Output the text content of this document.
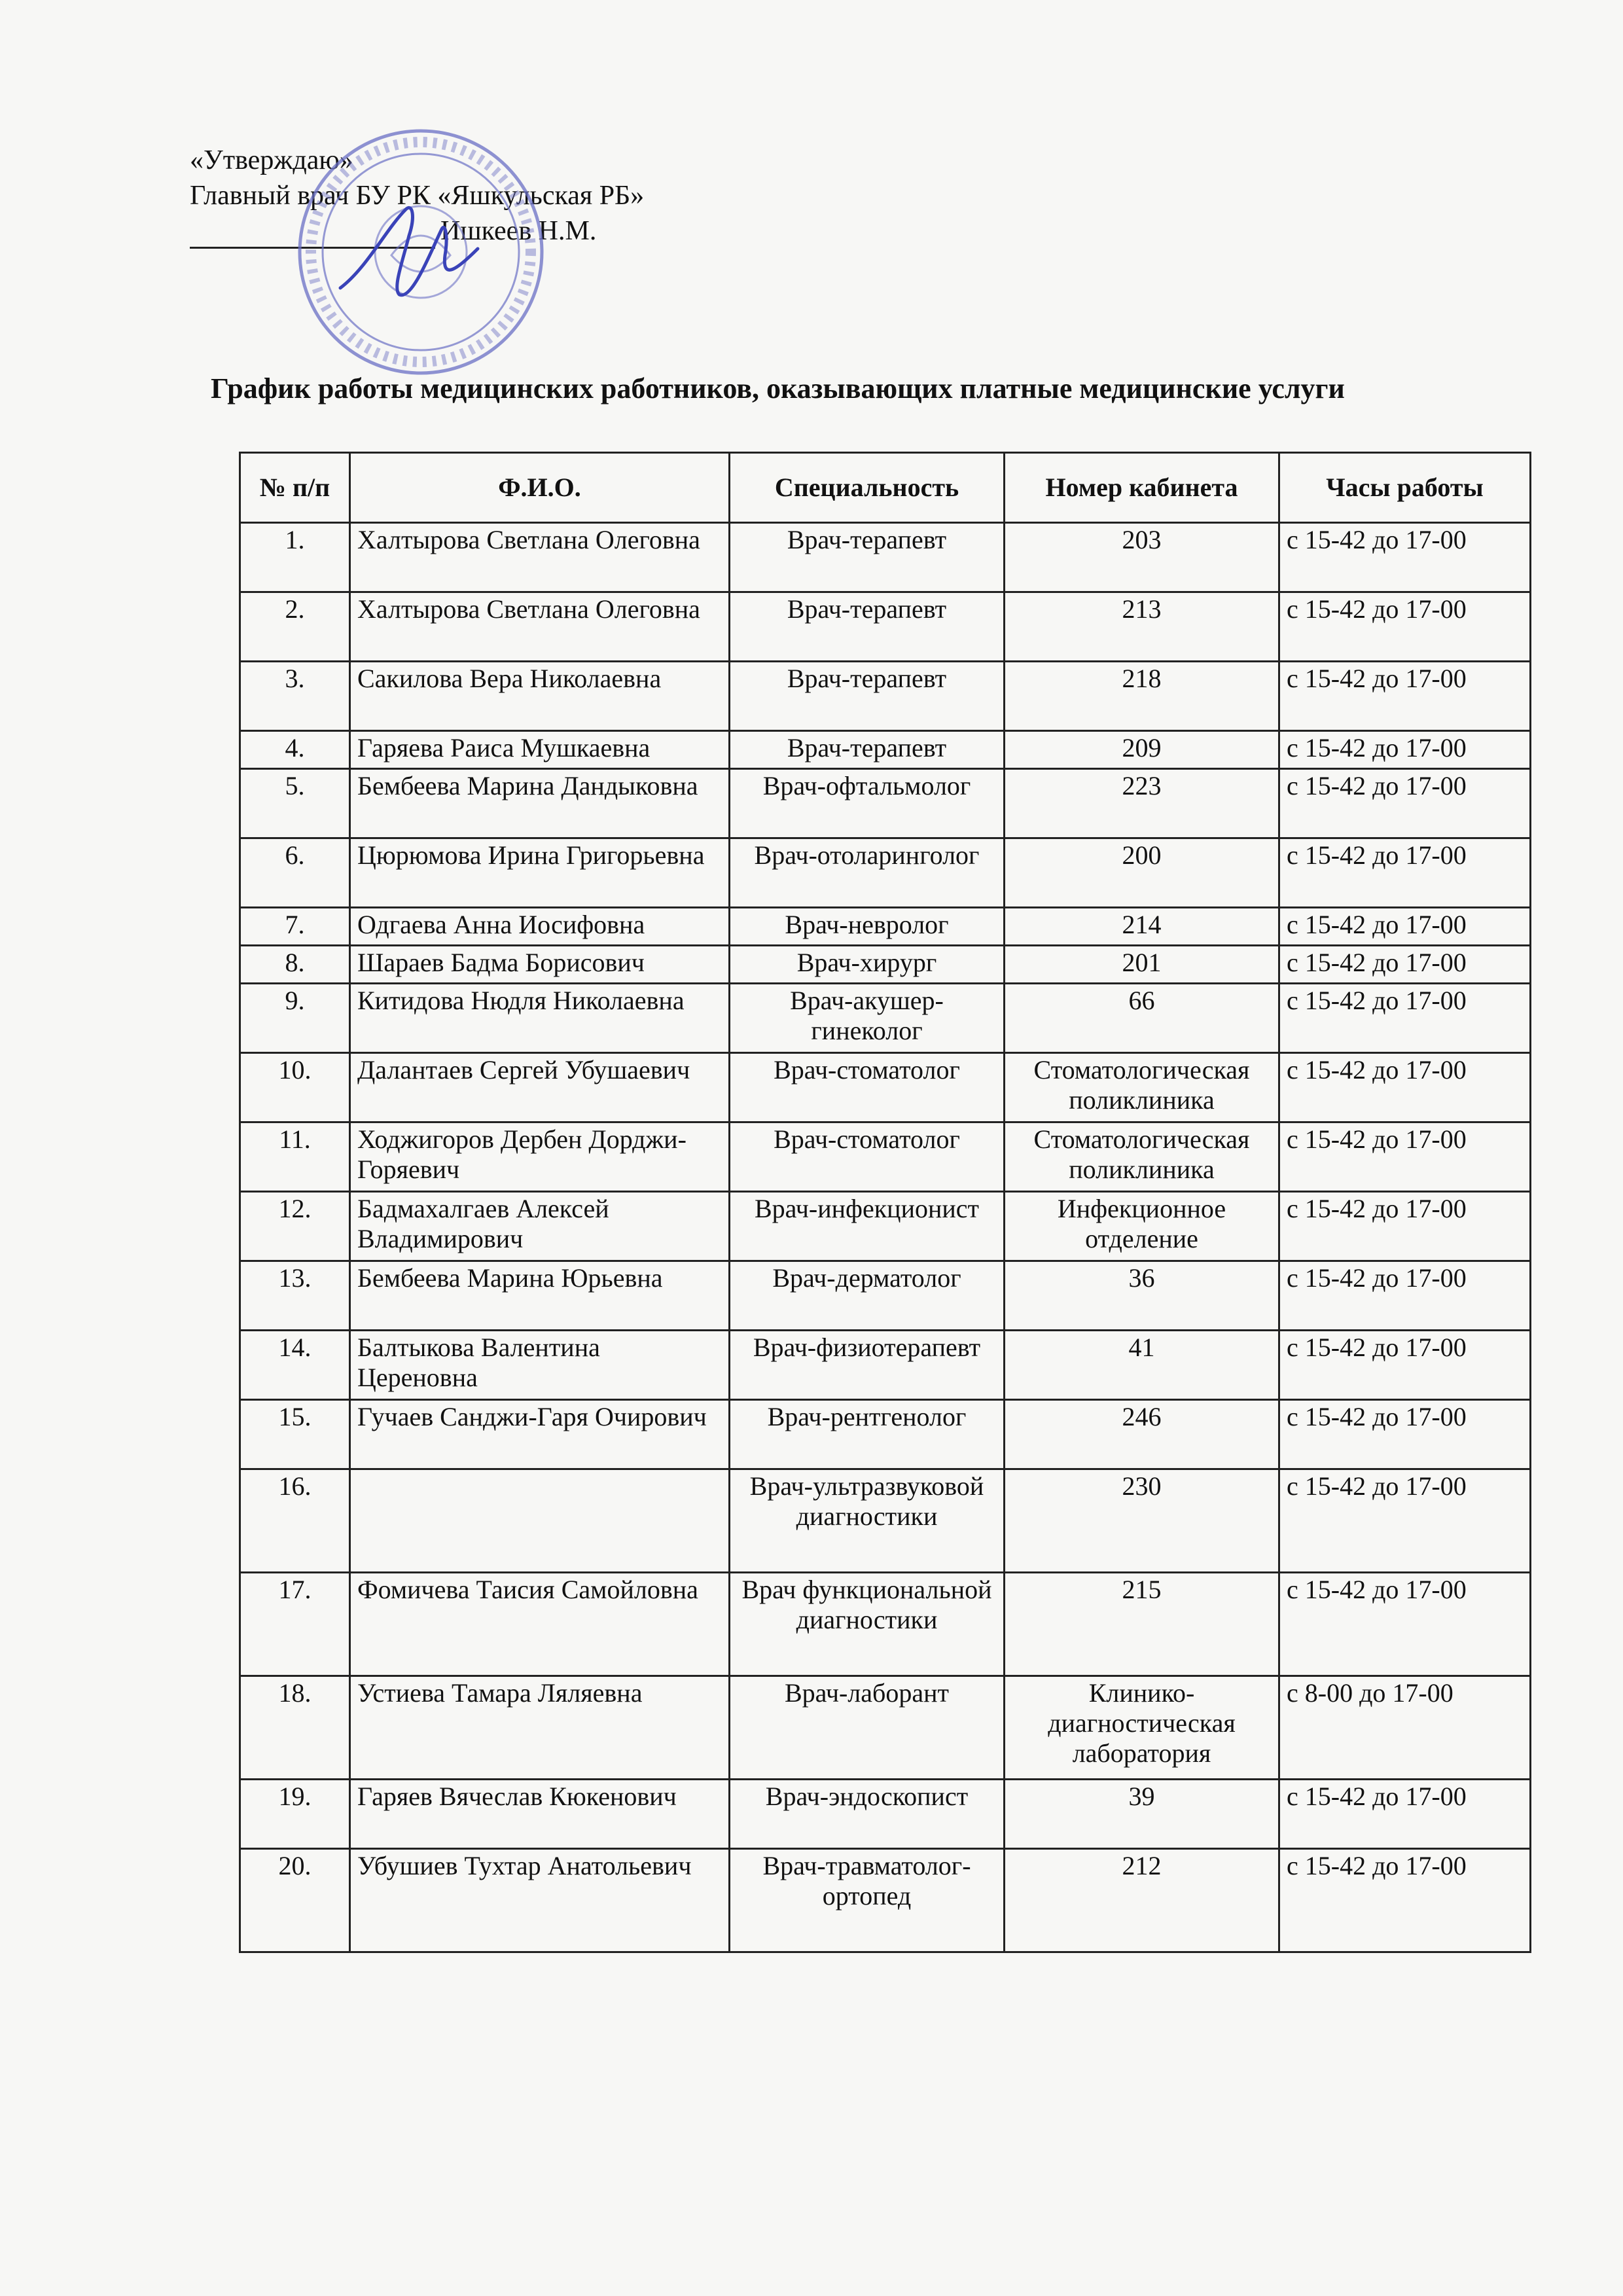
«Утверждаю»
Главный врач БУ РК «Яшкульская РБ»
Ишкеев Н.М.
График работы медицинских работников, оказывающих платные медицинские услуги
№ п/п	Ф.И.О.	Специальность	Номер кабинета	Часы работы
1.	Халтырова Светлана Олеговна	Врач-терапевт	203	с 15-42 до 17-00
2.	Халтырова Светлана Олеговна	Врач-терапевт	213	с 15-42 до 17-00
3.	Сакилова Вера Николаевна	Врач-терапевт	218	с 15-42 до 17-00
4.	Гаряева Раиса Мушкаевна	Врач-терапевт	209	с 15-42 до 17-00
5.	Бембеева Марина Дандыковна	Врач-офтальмолог	223	с 15-42 до 17-00
6.	Цюрюмова Ирина Григорьевна	Врач-отоларинголог	200	с 15-42 до 17-00
7.	Одгаева Анна Иосифовна	Врач-невролог	214	с 15-42 до 17-00
8.	Шараев Бадма Борисович	Врач-хирург	201	с 15-42 до 17-00
9.	Китидова Нюдля Николаевна	Врач-акушер-гинеколог	66	с 15-42 до 17-00
10.	Далантаев Сергей Убушаевич	Врач-стоматолог	Стоматологическая поликлиника	с 15-42 до 17-00
11.	Ходжигоров Дербен Дорджи-Горяевич	Врач-стоматолог	Стоматологическая поликлиника	с 15-42 до 17-00
12.	Бадмахалгаев Алексей Владимирович	Врач-инфекционист	Инфекционное отделение	с 15-42 до 17-00
13.	Бембеева Марина Юрьевна	Врач-дерматолог	36	с 15-42 до 17-00
14.	Балтыкова Валентина Цереновна	Врач-физиотерапевт	41	с 15-42 до 17-00
15.	Гучаев Санджи-Гаря Очирович	Врач-рентгенолог	246	с 15-42 до 17-00
16.		Врач-ультразвуковой диагностики	230	с 15-42 до 17-00
17.	Фомичева Таисия Самойловна	Врач функциональной диагностики	215	с 15-42 до 17-00
18.	Устиева Тамара Ляляевна	Врач-лаборант	Клинико-диагностическая лаборатория	с 8-00 до 17-00
19.	Гаряев Вячеслав Кюкенович	Врач-эндоскопист	39	с 15-42 до 17-00
20.	Убушиев Тухтар Анатольевич	Врач-травматолог-ортопед	212	с 15-42 до 17-00
